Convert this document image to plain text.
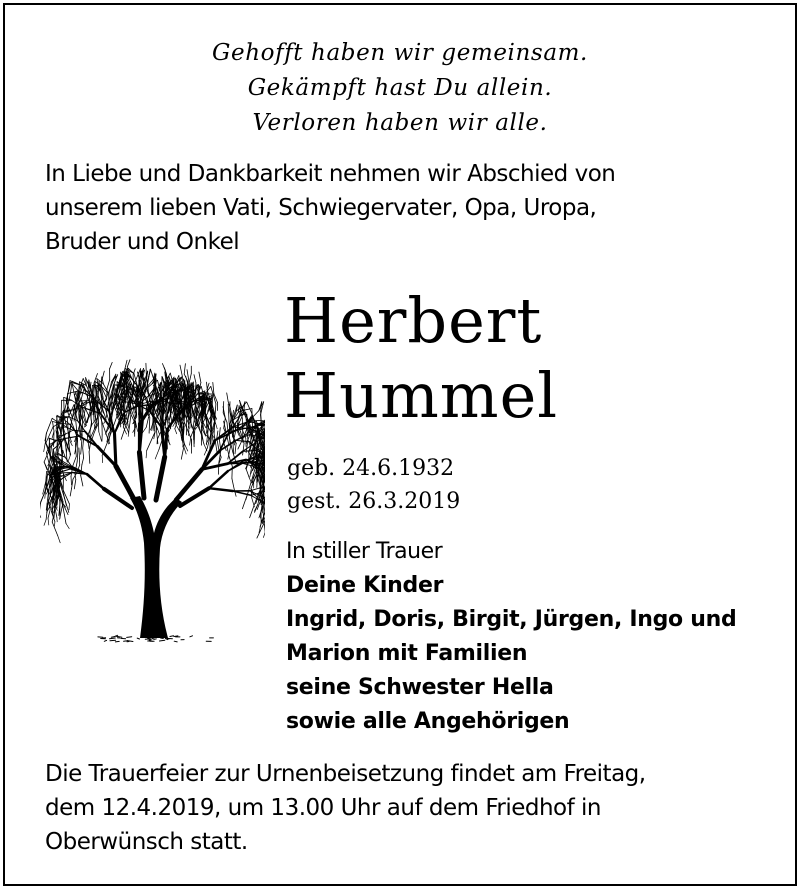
Gehofft haben wir gemeinsam.
Gekämpft hast Du allein.
Verloren haben wir alle.
In Liebe und Dankbarkeit nehmen wir Abschied von
unserem lieben Vati, Schwiegervater, Opa, Uropa,
Bruder und Onkel
Herbert
Hummel
geb. 24.6.1932
gest. 26.3.2019
In stiller Trauer
Deine Kinder
Ingrid, Doris, Birgit, Jürgen, Ingo und
Marion mit Familien
seine Schwester Hella
sowie alle Angehörigen
Die Trauerfeier zur Urnenbeisetzung findet am Freitag,
dem 12.4.2019, um 13.00 Uhr auf dem Friedhof in
Oberwünsch statt.
